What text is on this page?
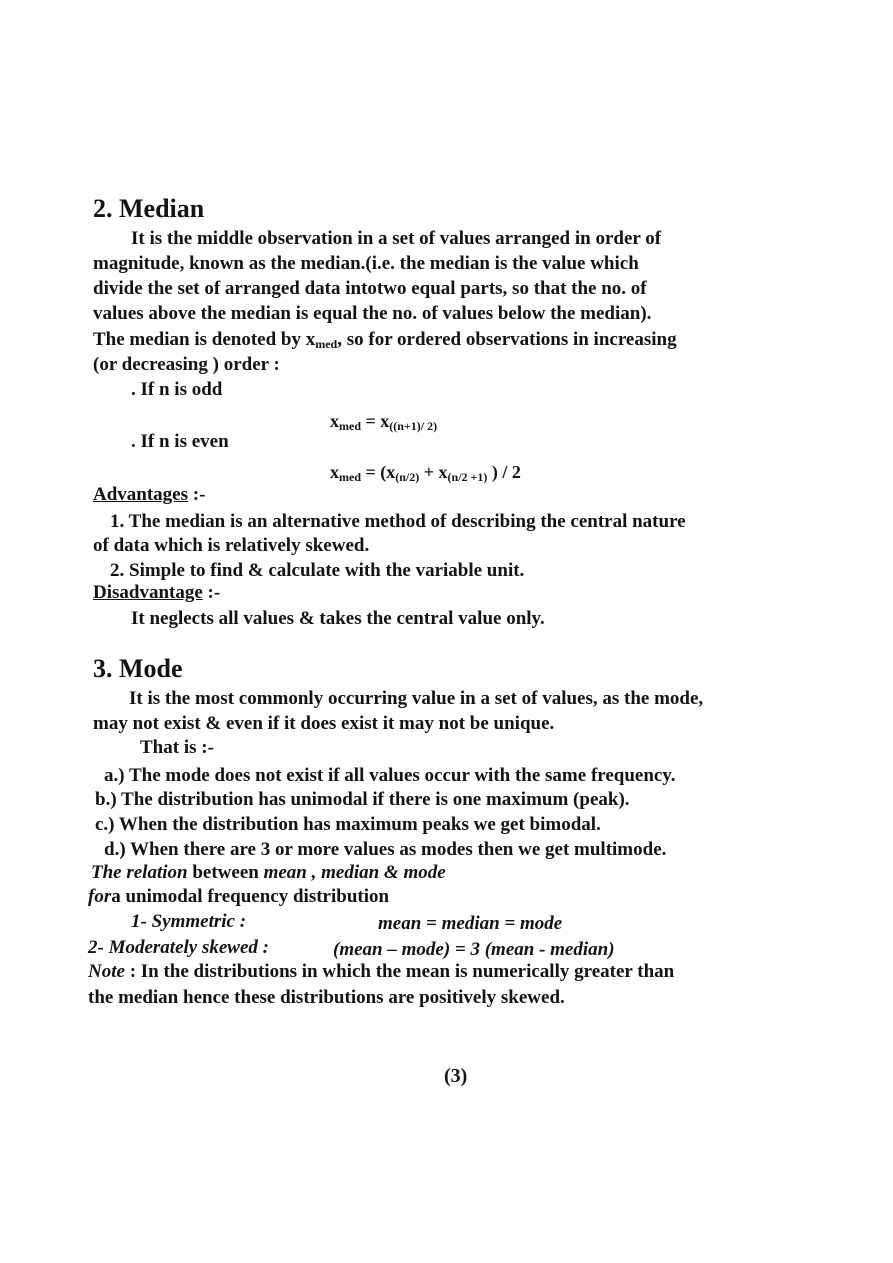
2. Median
It is the middle observation in a set of values arranged in order of
magnitude, known as the median.(i.e. the median is the value which
divide the set of arranged data intotwo equal parts, so that the no. of
values above the median is equal the no. of values below the median).
The median is denoted by $x_{med}$, so for ordered observations in increasing
(or decreasing ) order :
. If n is odd
$x_{med} = x_{((n+1)/ 2)}$
. If n is even
$x_{med} = (x_{(n/2)} + x_{(n/2 +1)}$ ) / 2
Advantages :-
1. The median is an alternative method of describing the central nature
of data which is relatively skewed.
2. Simple to find & calculate with the variable unit.
Disadvantage :-
It neglects all values & takes the central value only.
3. Mode
It is the most commonly occurring value in a set of values, as the mode,
may not exist & even if it does exist it may not be unique.
That is :-
a.) The mode does not exist if all values occur with the same frequency.
b.) The distribution has unimodal if there is one maximum (peak).
c.) When the distribution has maximum peaks we get bimodal.
d.) When there are 3 or more values as modes then we get multimode.
The relation between mean , median & mode
fora unimodal frequency distribution
1- Symmetric :	mean = median = mode
2- Moderately skewed :	(mean – mode) = 3 (mean - median)
Note : In the distributions in which the mean is numerically greater than
the median hence these distributions are positively skewed.
(3)
